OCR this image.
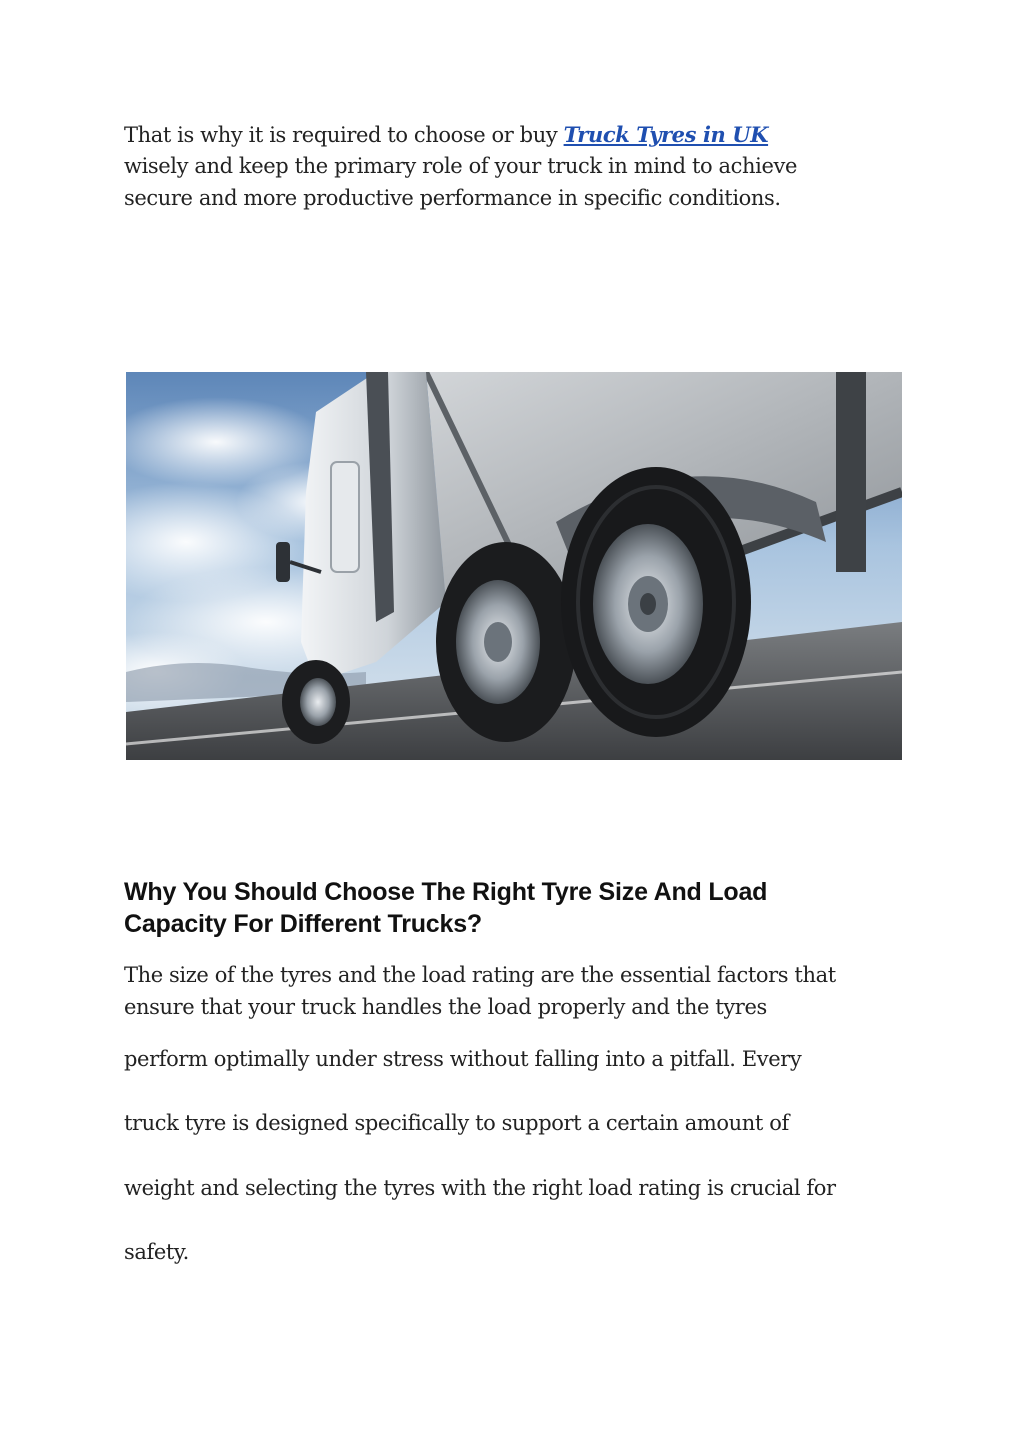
That is why it is required to choose or buy Truck Tyres in UK
wisely and keep the primary role of your truck in mind to achieve
secure and more productive performance in specific conditions.
Why You Should Choose The Right Tyre Size And Load
Capacity For Different Trucks?
The size of the tyres and the load rating are the essential factors that
ensure that your truck handles the load properly and the tyres
perform optimally under stress without falling into a pitfall. Every
truck tyre is designed specifically to support a certain amount of
weight and selecting the tyres with the right load rating is crucial for
safety.
